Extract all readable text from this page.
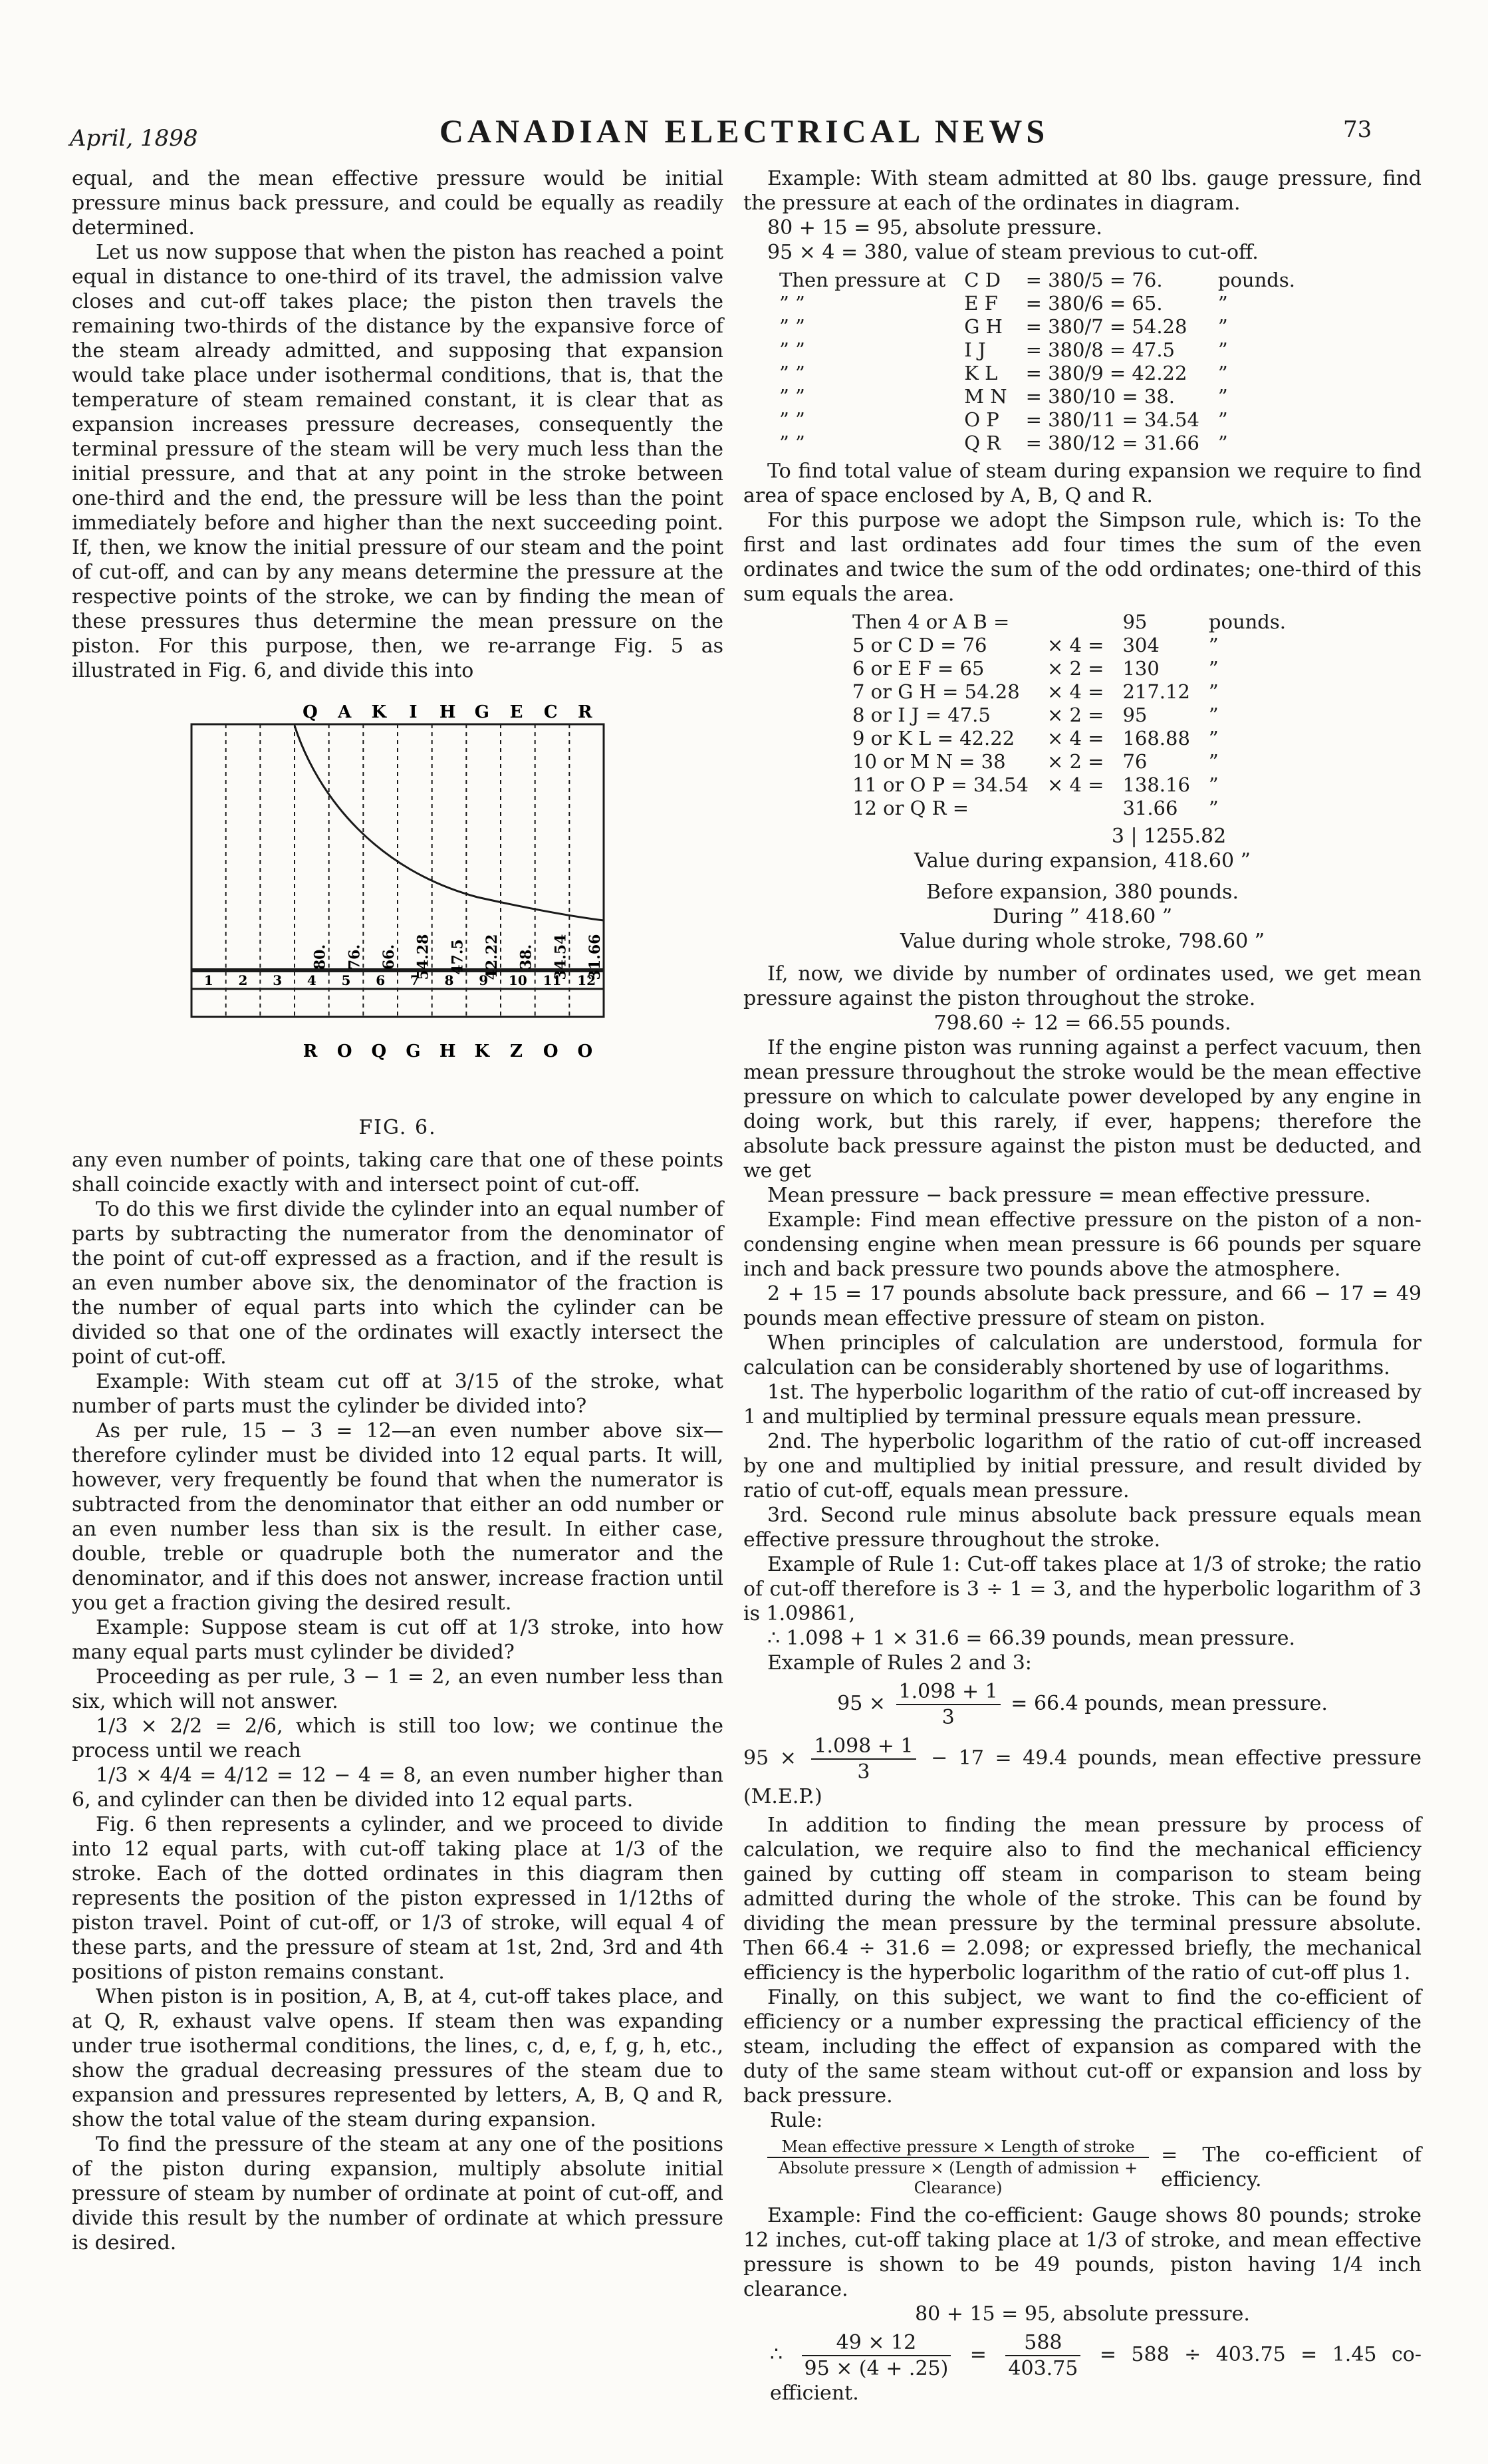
April, 1898	CANADIAN ELECTRICAL NEWS	73

equal, and the mean effective pressure would be initial pressure minus back pressure, and could be equally as readily determined.

Let us now suppose that when the piston has reached a point equal in distance to one-third of its travel, the admission valve closes and cut-off takes place; the piston then travels the remaining two-thirds of the distance by the expansive force of the steam already admitted, and supposing that expansion would take place under isothermal conditions, that is, that the temperature of steam remained constant, it is clear that as expansion increases pressure decreases, consequently the terminal pressure of the steam will be very much less than the initial pressure, and that at any point in the stroke between one-third and the end, the pressure will be less than the point immediately before and higher than the next succeeding point. If, then, we know the initial pressure of our steam and the point of cut-off, and can by any means determine the pressure at the respective points of the stroke, we can by finding the mean of these pressures thus determine the mean pressure on the piston. For this purpose, then, we re-arrange Fig. 5 as illustrated in Fig. 6, and divide this into

Q A K I H G E C R
80. 76. 66. 54.28 47.5 42.22 38. 34.54 31.66
1 2 3 4 5 6 7 8 9 10 11 12
R O Q G H K Z O O
FIG. 6.

any even number of points, taking care that one of these points shall coincide exactly with and intersect point of cut-off.

To do this we first divide the cylinder into an equal number of parts by subtracting the numerator from the denominator of the point of cut-off expressed as a fraction, and if the result is an even number above six, the denominator of the fraction is the number of equal parts into which the cylinder can be divided so that one of the ordinates will exactly intersect the point of cut-off.

Example: With steam cut off at 3/15 of the stroke, what number of parts must the cylinder be divided into?

As per rule, 15 − 3 = 12—an even number above six—therefore cylinder must be divided into 12 equal parts. It will, however, very frequently be found that when the numerator is subtracted from the denominator that either an odd number or an even number less than six is the result. In either case, double, treble or quadruple both the numerator and the denominator, and if this does not answer, increase fraction until you get a fraction giving the desired result.

Example: Suppose steam is cut off at 1/3 stroke, into how many equal parts must cylinder be divided?

Proceeding as per rule, 3 − 1 = 2, an even number less than six, which will not answer.

1/3 × 2/2 = 2/6, which is still too low; we continue the process until we reach

1/3 × 4/4 = 4/12 = 12 − 4 = 8, an even number higher than 6, and cylinder can then be divided into 12 equal parts.

Fig. 6 then represents a cylinder, and we proceed to divide into 12 equal parts, with cut-off taking place at 1/3 of the stroke. Each of the dotted ordinates in this diagram then represents the position of the piston expressed in 1/12ths of piston travel. Point of cut-off, or 1/3 of stroke, will equal 4 of these parts, and the pressure of steam at 1st, 2nd, 3rd and 4th positions of piston remains constant.

When piston is in position, A, B, at 4, cut-off takes place, and at Q, R, exhaust valve opens. If steam then was expanding under true isothermal conditions, the lines, c, d, e, f, g, h, etc., show the gradual decreasing pressures of the steam due to expansion and pressures represented by letters, A, B, Q and R, show the total value of the steam during expansion.

To find the pressure of the steam at any one of the positions of the piston during expansion, multiply absolute initial pressure of steam by number of ordinate at point of cut-off, and divide this result by the number of ordinate at which pressure is desired.

Example: With steam admitted at 80 lbs. gauge pressure, find the pressure at each of the ordinates in diagram.

80 + 15 = 95, absolute pressure.

95 × 4 = 380, value of steam previous to cut-off.

Then pressure at	C D	= 380/5 = 76.	pounds.
” ”	E F	= 380/6 = 65.	”
” ”	G H	= 380/7 = 54.28	”
” ”	I J	= 380/8 = 47.5	”
” ”	K L	= 380/9 = 42.22	”
” ”	M N	= 380/10 = 38.	”
” ”	O P	= 380/11 = 34.54	”
” ”	Q R	= 380/12 = 31.66	”

To find total value of steam during expansion we require to find area of space enclosed by A, B, Q and R.

For this purpose we adopt the Simpson rule, which is: To the first and last ordinates add four times the sum of the even ordinates and twice the sum of the odd ordinates; one-third of this sum equals the area.

Then 4 or A B =		95	pounds.
5 or C D = 76	× 4 =	304	”
6 or E F = 65	× 2 =	130	”
7 or G H = 54.28	× 4 =	217.12	”
8 or I J = 47.5	× 2 =	95	”
9 or K L = 42.22	× 4 =	168.88	”
10 or M N = 38	× 2 =	76	”
11 or O P = 34.54	× 4 =	138.16	”
12 or Q R =		31.66	”
3 | 1255.82
Value during expansion, 418.60 ”
Before expansion, 380 pounds.
During ” 418.60 ”
Value during whole stroke, 798.60 ”

If, now, we divide by number of ordinates used, we get mean pressure against the piston throughout the stroke.

798.60 ÷ 12 = 66.55 pounds.

If the engine piston was running against a perfect vacuum, then mean pressure throughout the stroke would be the mean effective pressure on which to calculate power developed by any engine in doing work, but this rarely, if ever, happens; therefore the absolute back pressure against the piston must be deducted, and we get

Mean pressure − back pressure = mean effective pressure.

Example: Find mean effective pressure on the piston of a non-condensing engine when mean pressure is 66 pounds per square inch and back pressure two pounds above the atmosphere.

2 + 15 = 17 pounds absolute back pressure, and 66 − 17 = 49 pounds mean effective pressure of steam on piston.

When principles of calculation are understood, formula for calculation can be considerably shortened by use of logarithms.

1st. The hyperbolic logarithm of the ratio of cut-off increased by 1 and multiplied by terminal pressure equals mean pressure.

2nd. The hyperbolic logarithm of the ratio of cut-off increased by one and multiplied by initial pressure, and result divided by ratio of cut-off, equals mean pressure.

3rd. Second rule minus absolute back pressure equals mean effective pressure throughout the stroke.

Example of Rule 1: Cut-off takes place at 1/3 of stroke; the ratio of cut-off therefore is 3 ÷ 1 = 3, and the hyperbolic logarithm of 3 is 1.09861,

∴ 1.098 + 1 × 31.6 = 66.39 pounds, mean pressure.

Example of Rules 2 and 3:

$95 \times \frac{1.098 + 1}{3} = 66.4$ pounds, mean pressure.
$95 \times \frac{1.098 + 1}{3} - 17 = 49.4$ pounds, mean effective pressure (M.E.P.)

In addition to finding the mean pressure by process of calculation, we require also to find the mechanical efficiency gained by cutting off steam in comparison to steam being admitted during the whole of the stroke. This can be found by dividing the mean pressure by the terminal pressure absolute. Then 66.4 ÷ 31.6 = 2.098; or expressed briefly, the mechanical efficiency is the hyperbolic logarithm of the ratio of cut-off plus 1.

Finally, on this subject, we want to find the co-efficient of efficiency or a number expressing the practical efficiency of the steam, including the effect of expansion as compared with the duty of the same steam without cut-off or expansion and loss by back pressure.

Rule:

$\frac{\text{Mean effective pressure × Length of stroke}}{\text{Absolute pressure × (Length of admission + Clearance)}}$ = The co-efficient of efficiency.

Example: Find the co-efficient: Gauge shows 80 pounds; stroke 12 inches, cut-off taking place at 1/3 of stroke, and mean effective pressure is shown to be 49 pounds, piston having 1/4 inch clearance.

80 + 15 = 95, absolute pressure.
∴ $\frac{49 \times 12}{95 \times (4 + .25)} = \frac{588}{403.75} = 588 \div 403.75 = 1.45$ co-efficient.
